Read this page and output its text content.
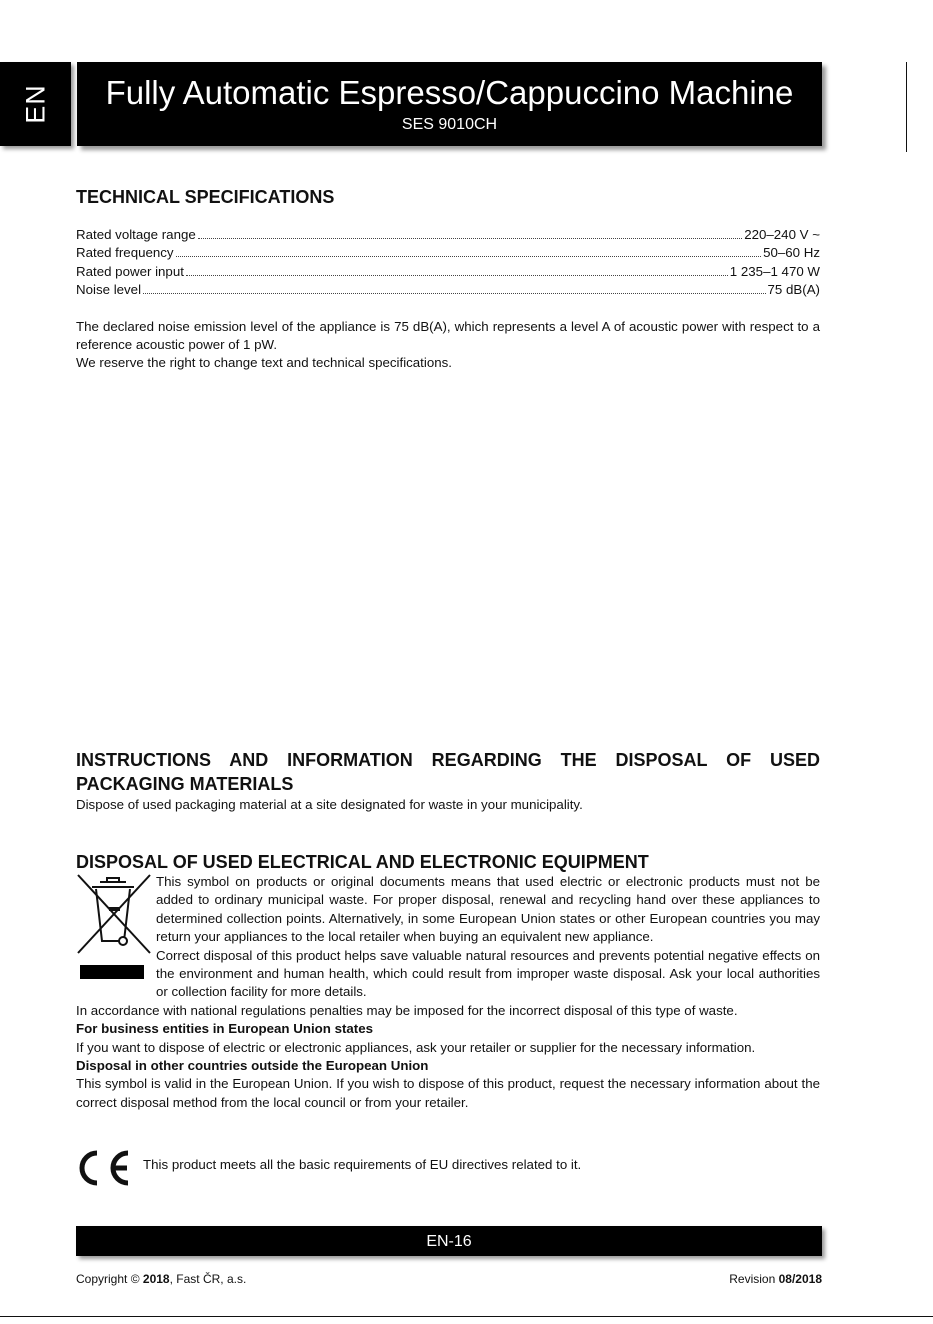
EN	Fully Automatic Espresso/Cappuccino Machine
SES 9010CH
TECHNICAL SPECIFICATIONS
Rated voltage range	220–240 V ~
Rated frequency	50–60 Hz
Rated power input	1 235–1 470 W
Noise level	75 dB(A)

The declared noise emission level of the appliance is 75 dB(A), which represents a level A of acoustic power with respect to a reference acoustic power of 1 pW.

We reserve the right to change text and technical specifications.

INSTRUCTIONS AND INFORMATION REGARDING THE DISPOSAL OF USED PACKAGING MATERIALS

Dispose of used packaging material at a site designated for waste in your municipality.

DISPOSAL OF USED ELECTRICAL AND ELECTRONIC EQUIPMENT

This symbol on products or original documents means that used electric or electronic products must not be added to ordinary municipal waste. For proper disposal, renewal and recycling hand over these appliances to determined collection points. Alternatively, in some European Union states or other European countries you may return your appliances to the local retailer when buying an equivalent new appliance.

Correct disposal of this product helps save valuable natural resources and prevents potential negative effects on the environment and human health, which could result from improper waste disposal. Ask your local authorities or collection facility for more details.

In accordance with national regulations penalties may be imposed for the incorrect disposal of this type of waste.

For business entities in European Union states

If you want to dispose of electric or electronic appliances, ask your retailer or supplier for the necessary information.

Disposal in other countries outside the European Union

This symbol is valid in the European Union. If you wish to dispose of this product, request the necessary information about the correct disposal method from the local council or from your retailer.

This product meets all the basic requirements of EU directives related to it.
EN-16
Copyright © 2018, Fast ČR, a.s.	Revision 08/2018
